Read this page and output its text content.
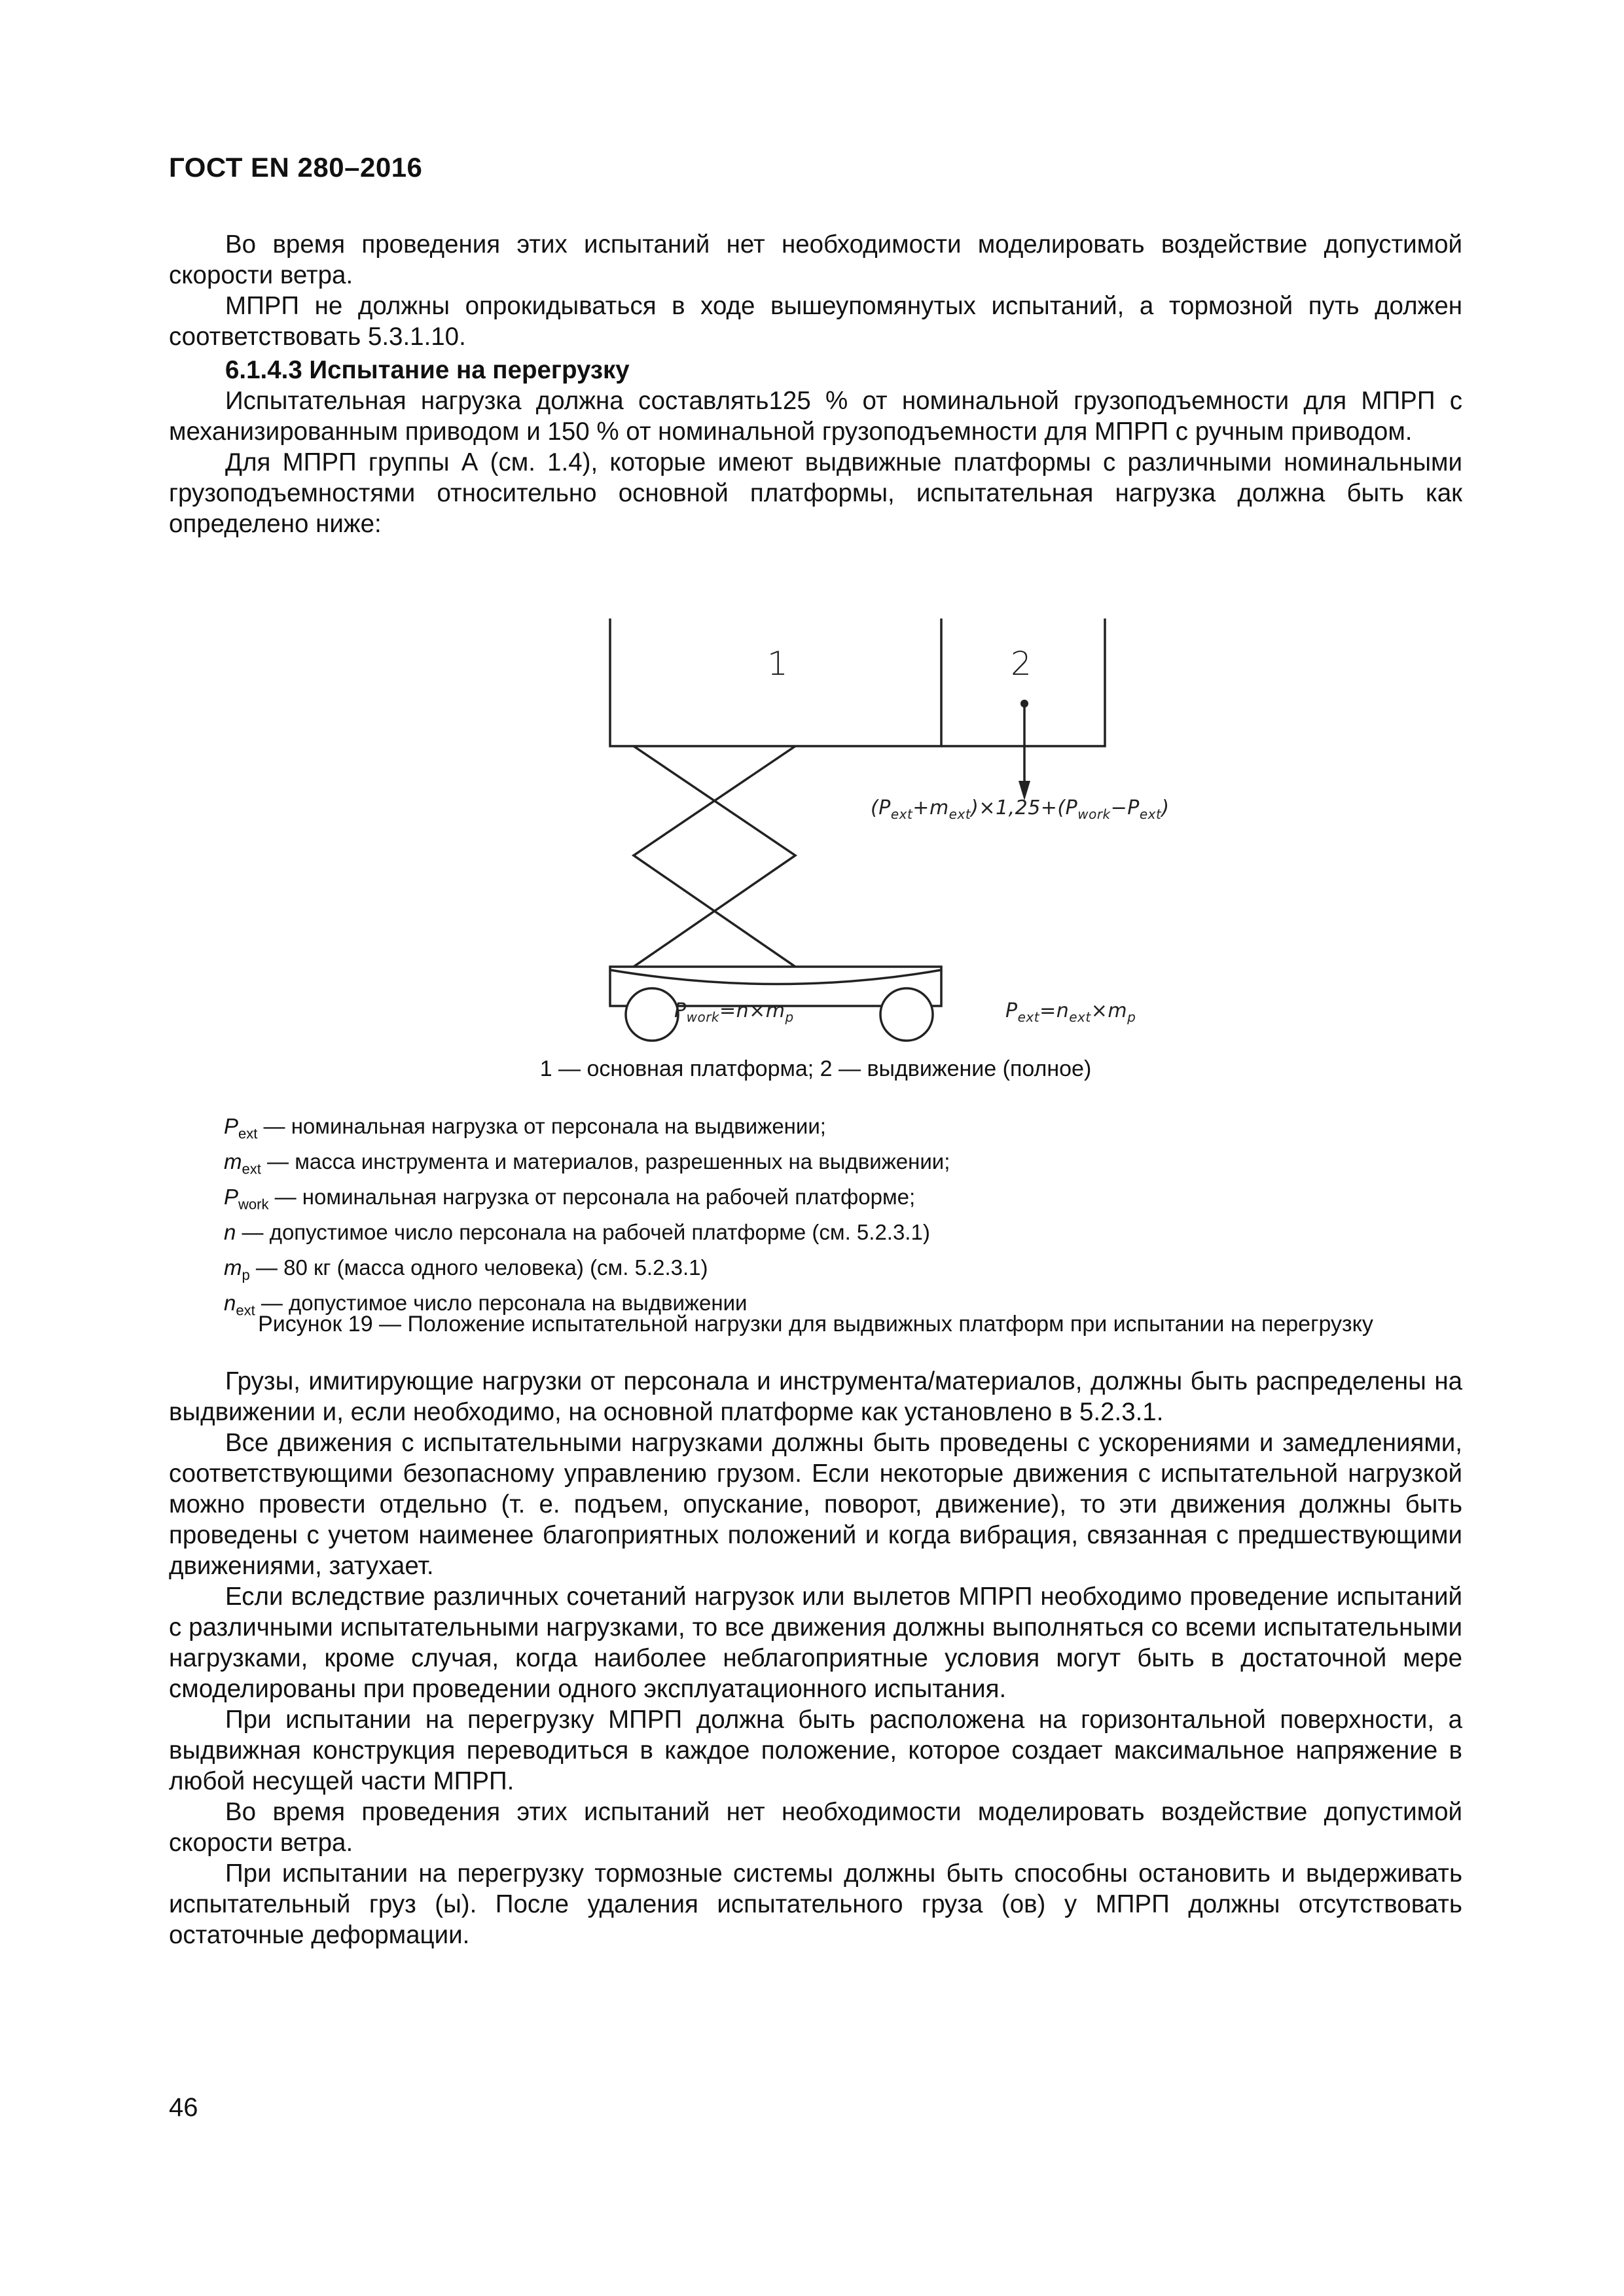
ГОСТ EN 280–2016

Во время проведения этих испытаний нет необходимости моделировать воздействие допустимой скорости ветра.

МПРП не должны опрокидываться в ходе вышеупомянутых испытаний, а тормозной путь должен соответствовать 5.3.1.10.

6.1.4.3 Испытание на перегрузку

Испытательная нагрузка должна составлять125 % от номинальной грузоподъемности для МПРП с механизированным приводом и 150 % от номинальной грузоподъемности для МПРП с ручным приводом.

Для МПРП группы А (см. 1.4), которые имеют выдвижные платформы с различными номинальными грузоподъемностями относительно основной платформы, испытательная нагрузка должна быть как определено ниже:

1	2
$(P_{ext}+m_{ext})\times 1,25+(P_{work}-P_{ext})$
$P_{work}=n\times m_p$	$P_{ext}=n_{ext}\times m_p$
1 — основная платформа; 2 — выдвижение (полное)
$P_{ext}$ — номинальная нагрузка от персонала на выдвижении;
$m_{ext}$ — масса инструмента и материалов, разрешенных на выдвижении;
$P_{work}$ — номинальная нагрузка от персонала на рабочей платформе;
n — допустимое число персонала на рабочей платформе (см. 5.2.3.1)
$m_p$ — 80 кг (масса одного человека) (см. 5.2.3.1)
$n_{ext}$ — допустимое число персонала на выдвижении
Рисунок 19 — Положение испытательной нагрузки для выдвижных платформ при испытании на перегрузку

Грузы, имитирующие нагрузки от персонала и инструмента/материалов, должны быть распределены на выдвижении и, если необходимо, на основной платформе как установлено в 5.2.3.1.

Все движения с испытательными нагрузками должны быть проведены с ускорениями и замедлениями, соответствующими безопасному управлению грузом. Если некоторые движения с испытательной нагрузкой можно провести отдельно (т. е. подъем, опускание, поворот, движение), то эти движения должны быть проведены с учетом наименее благоприятных положений и когда вибрация, связанная с предшествующими движениями, затухает.

Если вследствие различных сочетаний нагрузок или вылетов МПРП необходимо проведение испытаний с различными испытательными нагрузками, то все движения должны выполняться со всеми испытательными нагрузками, кроме случая, когда наиболее неблагоприятные условия могут быть в достаточной мере смоделированы при проведении одного эксплуатационного испытания.

При испытании на перегрузку МПРП должна быть расположена на горизонтальной поверхности, а выдвижная конструкция переводиться в каждое положение, которое создает максимальное напряжение в любой несущей части МПРП.

Во время проведения этих испытаний нет необходимости моделировать воздействие допустимой скорости ветра.

При испытании на перегрузку тормозные системы должны быть способны остановить и выдерживать испытательный груз (ы). После удаления испытательного груза (ов) у МПРП должны отсутствовать остаточные деформации.

46
